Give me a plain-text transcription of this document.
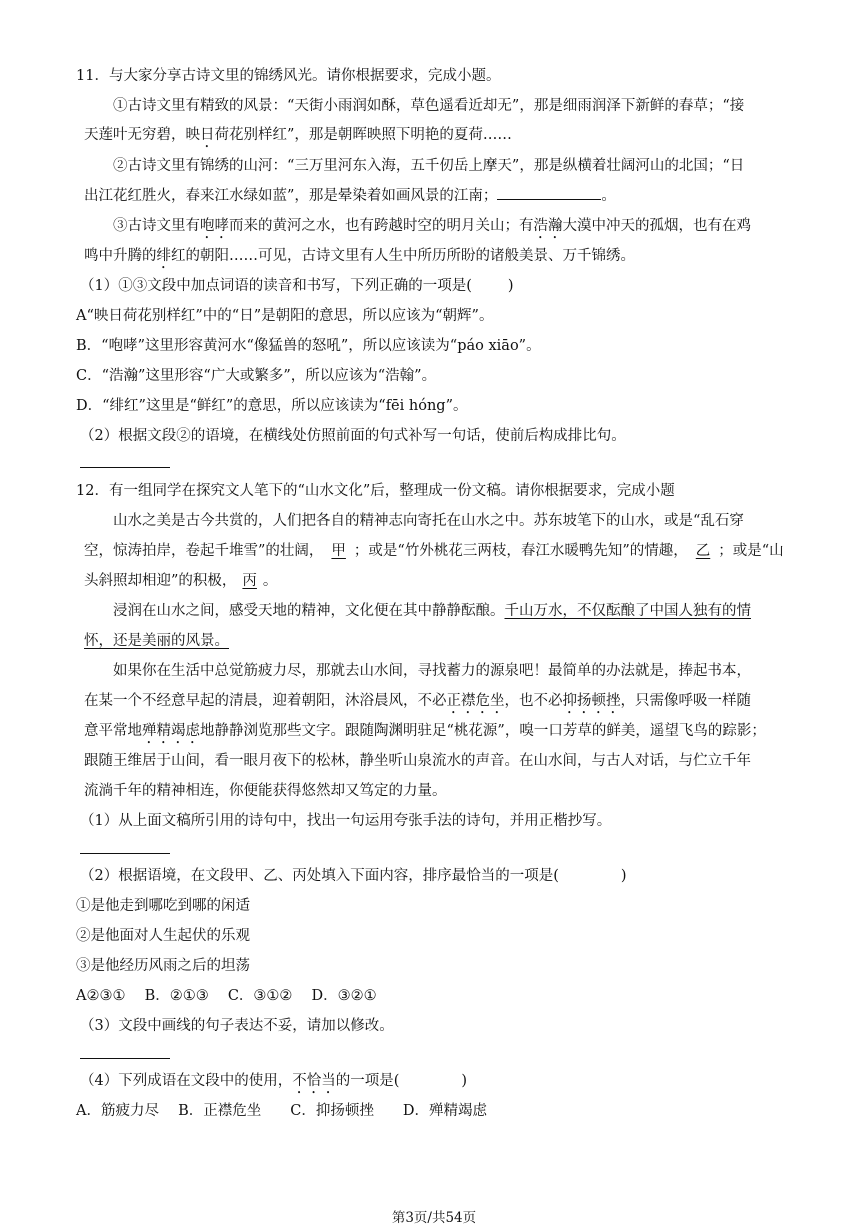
11．与大家分享古诗文里的锦绣风光。请你根据要求，完成小题。
①古诗文里有精致的风景：“天街小雨润如酥，草色遥看近却无”，那是细雨润泽下新鲜的春草；“接
天莲叶无穷碧，映日荷花别样红”，那是朝晖映照下明艳的夏荷……
②古诗文里有锦绣的山河：“三万里河东入海，五千仞岳上摩天”，那是纵横着壮阔河山的北国；“日
出江花红胜火，春来江水绿如蓝”，那是晕染着如画风景的江南；	。
③古诗文里有咆哮而来的黄河之水，也有跨越时空的明月关山；有浩瀚大漠中冲天的孤烟，也有在鸡
鸣中升腾的绯红的朝阳……可见，古诗文里有人生中所历所盼的诸般美景、万千锦绣。
（1）①③文段中加点词语的读音和书写，下列正确的一项是( )
A“映日荷花别样红”中的“日”是朝阳的意思，所以应该为“朝辉”。
B．“咆哮”这里形容黄河水“像猛兽的怒吼”，所以应该读为“páo xiāo”。
C．“浩瀚”这里形容“广大或繁多”，所以应该为“浩翰”。
D．“绯红”这里是“鲜红”的意思，所以应该读为“fēi hóng”。
（2）根据文段②的语境，在横线处仿照前面的句式补写一句话，使前后构成排比句。
12．有一组同学在探究文人笔下的“山水文化”后，整理成一份文稿。请你根据要求，完成小题
山水之美是古今共赏的，人们把各自的精神志向寄托在山水之中。苏东坡笔下的山水，或是“乱石穿
空，惊涛拍岸，卷起千堆雪”的壮阔， 甲 ；或是“竹外桃花三两枝，春江水暖鸭先知”的情趣， 乙 ；或是“山
头斜照却相迎”的积极， 丙 。
浸润在山水之间，感受天地的精神，文化便在其中静静酝酿。千山万水，不仅酝酿了中国人独有的情
怀，还是美丽的风景。
如果你在生活中总觉筋疲力尽，那就去山水间，寻找蓄力的源泉吧！最简单的办法就是，捧起书本，
在某一个不经意早起的清晨，迎着朝阳，沐浴晨风，不必正襟危坐，也不必抑扬顿挫，只需像呼吸一样随
意平常地殚精竭虑地静静浏览那些文字。跟随陶渊明驻足“桃花源”，嗅一口芳草的鲜美，遥望飞鸟的踪影；
跟随王维居于山间，看一眼月夜下的松林，静坐听山泉流水的声音。在山水间，与古人对话，与伫立千年
流淌千年的精神相连，你便能获得悠然却又笃定的力量。
（1）从上面文稿所引用的诗句中，找出一句运用夸张手法的诗句，并用正楷抄写。
（2）根据语境，在文段甲、乙、丙处填入下面内容，排序最恰当的一项是(	)
①是他走到哪吃到哪的闲适
②是他面对人生起伏的乐观
③是他经历风雨之后的坦荡
A②③①　 B．②①③　 C．③①②　 D．③②①
（3）文段中画线的句子表达不妥，请加以修改。
（4）下列成语在文段中的使用，不恰当的一项是(	)
A．筋疲力尽　 B．正襟危坐　　C．抑扬顿挫　　D．殚精竭虑
第3页/共54页
